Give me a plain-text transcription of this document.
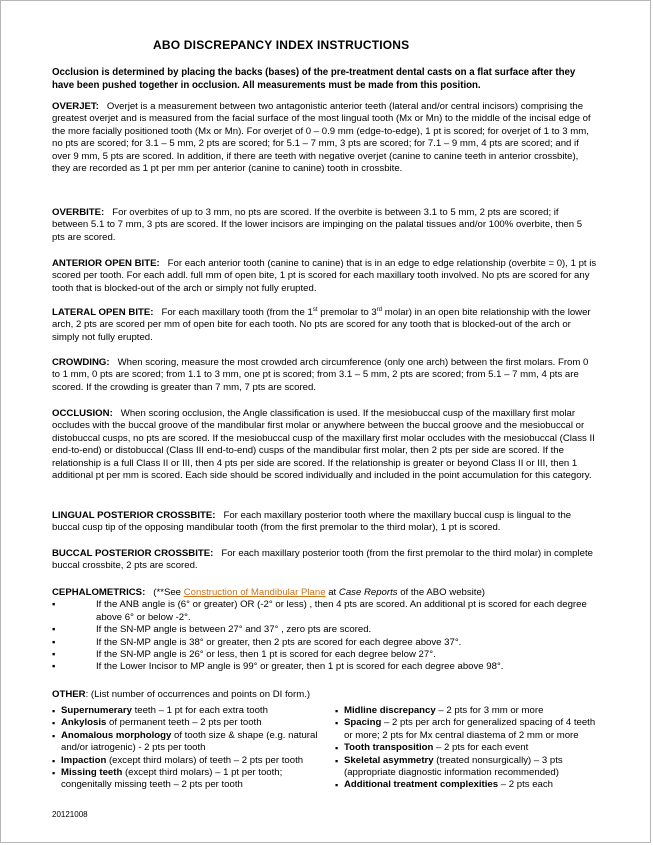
ABO DISCREPANCY INDEX INSTRUCTIONS
Occlusion is determined by placing the backs (bases) of the pre-treatment dental casts on a flat surface after they have been pushed together in occlusion. All measurements must be made from this position.

OVERJET: Overjet is a measurement between two antagonistic anterior teeth (lateral and/or central incisors) comprising the greatest overjet and is measured from the facial surface of the most lingual tooth (Mx or Mn) to the middle of the incisal edge of the more facially positioned tooth (Mx or Mn). For overjet of 0 – 0.9 mm (edge-to-edge), 1 pt is scored; for overjet of 1 to 3 mm, no pts are scored; for 3.1 – 5 mm, 2 pts are scored; for 5.1 – 7 mm, 3 pts are scored; for 7.1 – 9 mm, 4 pts are scored; and if over 9 mm, 5 pts are scored. In addition, if there are teeth with negative overjet (canine to canine teeth in anterior crossbite), they are recorded as 1 pt per mm per anterior (canine to canine) tooth in crossbite.

OVERBITE: For overbites of up to 3 mm, no pts are scored. If the overbite is between 3.1 to 5 mm, 2 pts are scored; if between 5.1 to 7 mm, 3 pts are scored. If the lower incisors are impinging on the palatal tissues and/or 100% overbite, then 5 pts are scored.

ANTERIOR OPEN BITE: For each anterior tooth (canine to canine) that is in an edge to edge relationship (overbite = 0), 1 pt is scored per tooth. For each addl. full mm of open bite, 1 pt is scored for each maxillary tooth involved. No pts are scored for any tooth that is blocked-out of the arch or simply not fully erupted.

LATERAL OPEN BITE: For each maxillary tooth (from the 1st premolar to 3rd molar) in an open bite relationship with the lower arch, 2 pts are scored per mm of open bite for each tooth. No pts are scored for any tooth that is blocked-out of the arch or simply not fully erupted.

CROWDING: When scoring, measure the most crowded arch circumference (only one arch) between the first molars. From 0 to 1 mm, 0 pts are scored; from 1.1 to 3 mm, one pt is scored; from 3.1 – 5 mm, 2 pts are scored; from 5.1 – 7 mm, 4 pts are scored. If the crowding is greater than 7 mm, 7 pts are scored.

OCCLUSION: When scoring occlusion, the Angle classification is used. If the mesiobuccal cusp of the maxillary first molar occludes with the buccal groove of the mandibular first molar or anywhere between the buccal groove and the mesiobuccal or distobuccal cusps, no pts are scored. If the mesiobuccal cusp of the maxillary first molar occludes with the mesiobuccal (Class II end-to-end) or distobuccal (Class III end-to-end) cusps of the mandibular first molar, then 2 pts per side are scored. If the relationship is a full Class II or III, then 4 pts per side are scored. If the relationship is greater or beyond Class II or III, then 1 additional pt per mm is scored. Each side should be scored individually and included in the point accumulation for this category.

LINGUAL POSTERIOR CROSSBITE: For each maxillary posterior tooth where the maxillary buccal cusp is lingual to the buccal cusp tip of the opposing mandibular tooth (from the first premolar to the third molar), 1 pt is scored.

BUCCAL POSTERIOR CROSSBITE: For each maxillary posterior tooth (from the first premolar to the third molar) in complete buccal crossbite, 2 pts are scored.

CEPHALOMETRICS: (**See Construction of Mandibular Plane at Case Reports of the ABO website)

▪	If the ANB angle is (6° or greater) OR (-2° or less) , then 4 pts are scored. An additional pt is scored for each degree above 6° or below -2°.
▪	If the SN-MP angle is between 27° and 37° , zero pts are scored.
▪	If the SN-MP angle is 38° or greater, then 2 pts are scored for each degree above 37°.
▪	If the SN-MP angle is 26° or less, then 1 pt is scored for each degree below 27°.
▪	If the Lower Incisor to MP angle is 99° or greater, then 1 pt is scored for each degree above 98°.

OTHER: (List number of occurrences and points on DI form.)

▪ Supernumerary teeth – 1 pt for each extra tooth
▪ Ankylosis of permanent teeth – 2 pts per tooth
▪ Anomalous morphology of tooth size & shape (e.g. natural and/or iatrogenic) - 2 pts per tooth
▪ Impaction (except third molars) of teeth – 2 pts per tooth
▪ Missing teeth (except third molars) – 1 pt per tooth; congenitally missing teeth – 2 pts per tooth
▪ Midline discrepancy – 2 pts for 3 mm or more
▪ Spacing – 2 pts per arch for generalized spacing of 4 teeth or more; 2 pts for Mx central diastema of 2 mm or more
▪ Tooth transposition – 2 pts for each event
▪ Skeletal asymmetry (treated nonsurgically) – 3 pts (appropriate diagnostic information recommended)
▪ Additional treatment complexities – 2 pts each
20121008
